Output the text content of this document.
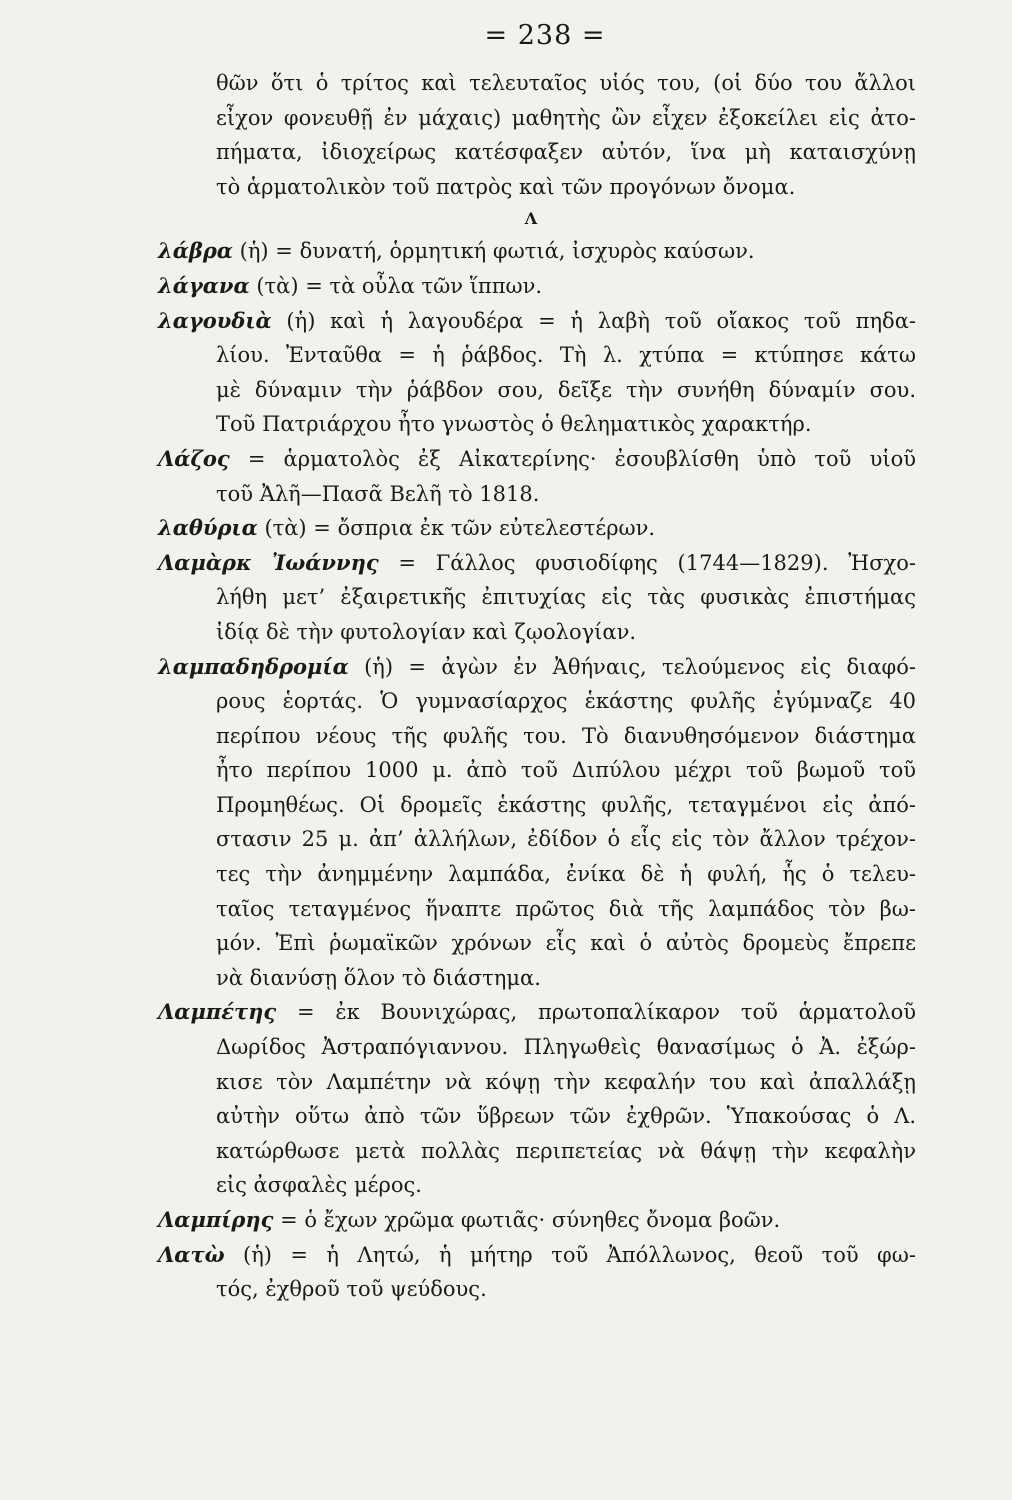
= 238 =
θῶν ὅτι ὁ τρίτος καὶ τελευταῖος υἱός του, (οἱ δύο του ἄλλοι
εἶχον φονευθῇ ἐν μάχαις) μαθητὴς ὢν εἶχεν ἐξοκείλει εἰς ἀτο-
πήματα, ἰδιοχείρως κατέσφαξεν αὐτόν, ἵνα μὴ καταισχύνῃ
τὸ ἁρματολικὸν τοῦ πατρὸς καὶ τῶν προγόνων ὄνομα.
Λ
λάβρα (ἡ) = δυνατή, ὁρμητική φωτιά, ἰσχυρὸς καύσων.
λάγανα (τὰ) = τὰ οὖλα τῶν ἵππων.
λαγουδιὰ (ἡ) καὶ ἡ λαγουδέρα = ἡ λαβὴ τοῦ οἴακος τοῦ πηδα-
λίου. Ἐνταῦθα = ἡ ῥάβδος. Τὴ λ. χτύπα = κτύπησε κάτω
μὲ δύναμιν τὴν ῥάβδον σου, δεῖξε τὴν συνήθη δύναμίν σου.
Τοῦ Πατριάρχου ἦτο γνωστὸς ὁ θεληματικὸς χαρακτήρ.
Λάζος = ἁρματολὸς ἐξ Αἰκατερίνης· ἐσουβλίσθη ὑπὸ τοῦ υἱοῦ
τοῦ Ἀλῆ—Πασᾶ Βελῆ τὸ 1818.
λαθύρια (τὰ) = ὄσπρια ἐκ τῶν εὐτελεστέρων.
Λαμὰρκ Ἰωάννης = Γάλλος φυσιοδίφης (1744—1829). Ἠσχο-
λήθη μετ’ ἐξαιρετικῆς ἐπιτυχίας εἰς τὰς φυσικὰς ἐπιστήμας
ἰδίᾳ δὲ τὴν φυτολογίαν καὶ ζῳολογίαν.
λαμπαδηδρομία (ἡ) = ἀγὼν ἐν Ἀθήναις, τελούμενος εἰς διαφό-
ρους ἑορτάς. Ὁ γυμνασίαρχος ἑκάστης φυλῆς ἐγύμναζε 40
περίπου νέους τῆς φυλῆς του. Τὸ διανυθησόμενον διάστημα
ἦτο περίπου 1000 μ. ἀπὸ τοῦ Διπύλου μέχρι τοῦ βωμοῦ τοῦ
Προμηθέως. Οἱ δρομεῖς ἑκάστης φυλῆς, τεταγμένοι εἰς ἀπό-
στασιν 25 μ. ἀπ’ ἀλλήλων, ἐδίδον ὁ εἷς εἰς τὸν ἄλλον τρέχον-
τες τὴν ἀνημμένην λαμπάδα, ἐνίκα δὲ ἡ φυλή, ἧς ὁ τελευ-
ταῖος τεταγμένος ἥναπτε πρῶτος διὰ τῆς λαμπάδος τὸν βω-
μόν. Ἐπὶ ῥωμαϊκῶν χρόνων εἷς καὶ ὁ αὐτὸς δρομεὺς ἔπρεπε
νὰ διανύσῃ ὅλον τὸ διάστημα.
Λαμπέτης = ἐκ Βουνιχώρας, πρωτοπαλίκαρον τοῦ ἁρματολοῦ
Δωρίδος Ἀστραπόγιαννου. Πληγωθεὶς θανασίμως ὁ Ἀ. ἐξώρ-
κισε τὸν Λαμπέτην νὰ κόψῃ τὴν κεφαλήν του καὶ ἀπαλλάξῃ
αὐτὴν οὕτω ἀπὸ τῶν ὕβρεων τῶν ἐχθρῶν. Ὑπακούσας ὁ Λ.
κατώρθωσε μετὰ πολλὰς περιπετείας νὰ θάψῃ τὴν κεφαλὴν
εἰς ἀσφαλὲς μέρος.
Λαμπίρης = ὁ ἔχων χρῶμα φωτιᾶς· σύνηθες ὄνομα βοῶν.
Λατὼ (ἡ) = ἡ Λητώ, ἡ μήτηρ τοῦ Ἀπόλλωνος, θεοῦ τοῦ φω-
τός, ἐχθροῦ τοῦ ψεύδους.
